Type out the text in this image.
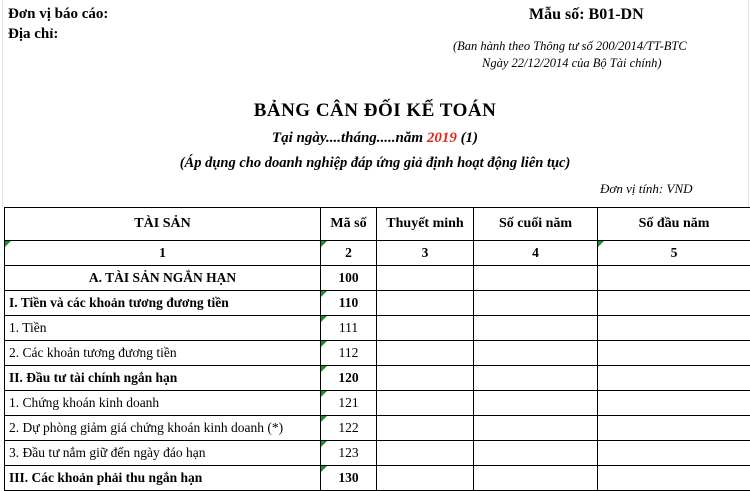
Đơn vị báo cáo:
Địa chỉ:
Mẫu số: B01-DN
(Ban hành theo Thông tư số 200/2014/TT-BTC
Ngày 22/12/2014 của Bộ Tài chính)
BẢNG CÂN ĐỐI KẾ TOÁN
Tại ngày....tháng.....năm 2019 (1)
(Áp dụng cho doanh nghiệp đáp ứng giả định hoạt động liên tục)
Đơn vị tính: VND
TÀI SẢN	Mã số	Thuyết minh	Số cuối năm	Số đầu năm

1	2	3	4	5
A. TÀI SẢN NGẮN HẠN	100			
I. Tiền và các khoản tương đương tiền	110			
1. Tiền	111			
2. Các khoản tương đương tiền	112			
II. Đầu tư tài chính ngắn hạn	120			
1. Chứng khoán kinh doanh	121			
2. Dự phòng giảm giá chứng khoán kinh doanh (*)	122			
3. Đầu tư nắm giữ đến ngày đáo hạn	123			
III. Các khoản phải thu ngắn hạn	130			
